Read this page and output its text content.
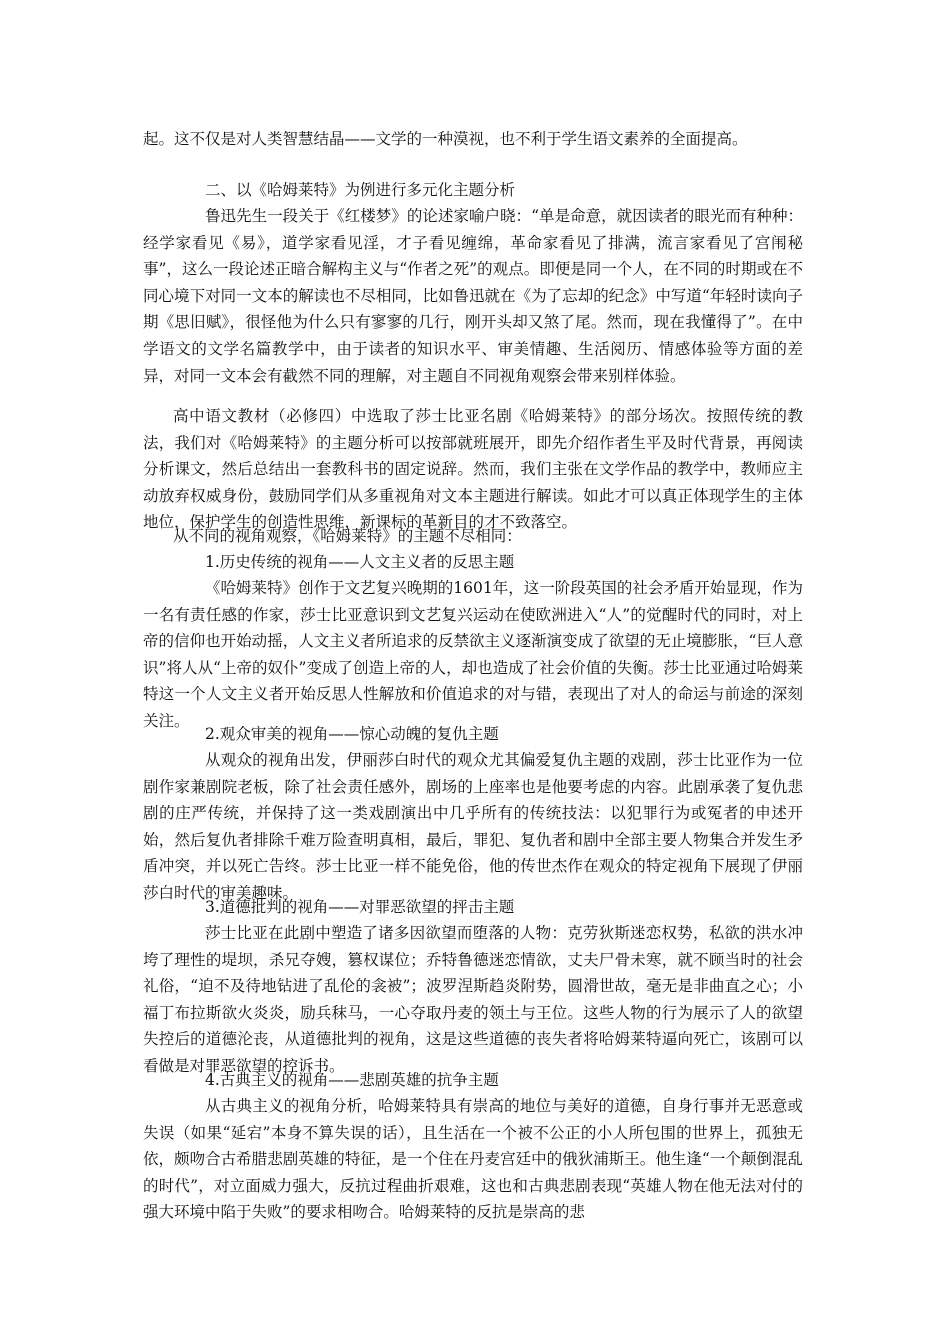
起。这不仅是对人类智慧结晶——文学的一种漠视，也不利于学生语文素养的全面提高。

二、以《哈姆莱特》为例进行多元化主题分析

鲁迅先生一段关于《红楼梦》的论述家喻户晓：“单是命意，就因读者的眼光而有种种：经学家看见《易》，道学家看见淫，才子看见缠绵，革命家看见了排满，流言家看见了宫闱秘事”，这么一段论述正暗合解构主义与“作者之死”的观点。即便是同一个人，在不同的时期或在不同心境下对同一文本的解读也不尽相同，比如鲁迅就在《为了忘却的纪念》中写道“年轻时读向子期《思旧赋》，很怪他为什么只有寥寥的几行，刚开头却又煞了尾。然而，现在我懂得了”。在中学语文的文学名篇教学中，由于读者的知识水平、审美情趣、生活阅历、情感体验等方面的差异，对同一文本会有截然不同的理解，对主题自不同视角观察会带来别样体验。

高中语文教材（必修四）中选取了莎士比亚名剧《哈姆莱特》的部分场次。按照传统的教法，我们对《哈姆莱特》的主题分析可以按部就班展开，即先介绍作者生平及时代背景，再阅读分析课文，然后总结出一套教科书的固定说辞。然而，我们主张在文学作品的教学中，教师应主动放弃权威身份，鼓励同学们从多重视角对文本主题进行解读。如此才可以真正体现学生的主体地位，保护学生的创造性思维，新课标的革新目的才不致落空。

从不同的视角观察，《哈姆莱特》的主题不尽相同：

1.历史传统的视角——人文主义者的反思主题

《哈姆莱特》创作于文艺复兴晚期的1601年，这一阶段英国的社会矛盾开始显现，作为一名有责任感的作家，莎士比亚意识到文艺复兴运动在使欧洲进入“人”的觉醒时代的同时，对上帝的信仰也开始动摇，人文主义者所追求的反禁欲主义逐渐演变成了欲望的无止境膨胀，“巨人意识”将人从“上帝的奴仆”变成了创造上帝的人，却也造成了社会价值的失衡。莎士比亚通过哈姆莱特这一个人文主义者开始反思人性解放和价值追求的对与错，表现出了对人的命运与前途的深刻关注。

2.观众审美的视角——惊心动魄的复仇主题

从观众的视角出发，伊丽莎白时代的观众尤其偏爱复仇主题的戏剧，莎士比亚作为一位剧作家兼剧院老板，除了社会责任感外，剧场的上座率也是他要考虑的内容。此剧承袭了复仇悲剧的庄严传统，并保持了这一类戏剧演出中几乎所有的传统技法：以犯罪行为或冤者的申述开始，然后复仇者排除千难万险查明真相，最后，罪犯、复仇者和剧中全部主要人物集合并发生矛盾冲突，并以死亡告终。莎士比亚一样不能免俗，他的传世杰作在观众的特定视角下展现了伊丽莎白时代的审美趣味。

3.道德批判的视角——对罪恶欲望的抨击主题

莎士比亚在此剧中塑造了诸多因欲望而堕落的人物：克劳狄斯迷恋权势，私欲的洪水冲垮了理性的堤坝，杀兄夺嫂，篡权谋位；乔特鲁德迷恋情欲，丈夫尸骨未寒，就不顾当时的社会礼俗，“迫不及待地钻进了乱伦的衾被”；波罗涅斯趋炎附势，圆滑世故，毫无是非曲直之心；小福丁布拉斯欲火炎炎，励兵秣马，一心夺取丹麦的领土与王位。这些人物的行为展示了人的欲望失控后的道德沦丧，从道德批判的视角，这是这些道德的丧失者将哈姆莱特逼向死亡，该剧可以看做是对罪恶欲望的控诉书。

4.古典主义的视角——悲剧英雄的抗争主题

从古典主义的视角分析，哈姆莱特具有崇高的地位与美好的道德，自身行事并无恶意或失误（如果“延宕”本身不算失误的话），且生活在一个被不公正的小人所包围的世界上，孤独无依，颇吻合古希腊悲剧英雄的特征，是一个住在丹麦宫廷中的俄狄浦斯王。他生逢“一个颠倒混乱的时代”，对立面威力强大，反抗过程曲折艰难，这也和古典悲剧表现“英雄人物在他无法对付的强大环境中陷于失败”的要求相吻合。哈姆莱特的反抗是崇高的悲
